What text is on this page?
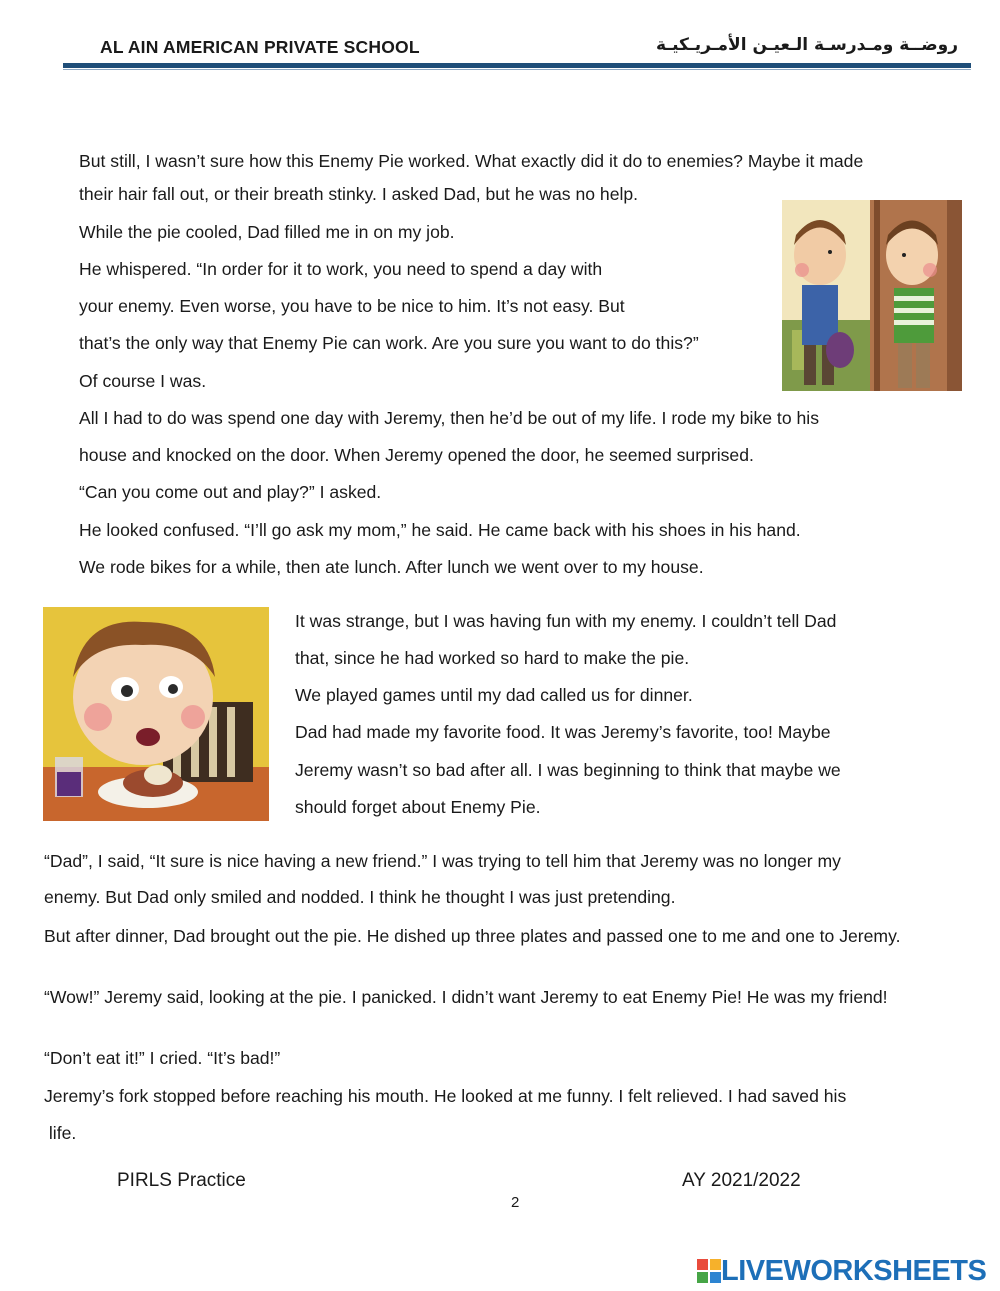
AL AIN AMERICAN PRIVATE SCHOOL	روضــة ومـدرسـة الـعيـن الأمـريـكيـة
But still, I wasn’t sure how this Enemy Pie worked. What exactly did it do to enemies? Maybe it made
their hair fall out, or their breath stinky. I asked Dad, but he was no help.
While the pie cooled, Dad filled me in on my job.
He whispered. “In order for it to work, you need to spend a day with
your enemy. Even worse, you have to be nice to him. It’s not easy. But
that’s the only way that Enemy Pie can work. Are you sure you want to do this?”
Of course I was.
All I had to do was spend one day with Jeremy, then he’d be out of my life. I rode my bike to his
house and knocked on the door. When Jeremy opened the door, he seemed surprised.
“Can you come out and play?” I asked.
He looked confused. “I’ll go ask my mom,” he said. He came back with his shoes in his hand.
We rode bikes for a while, then ate lunch. After lunch we went over to my house.
It was strange, but I was having fun with my enemy. I couldn’t tell Dad
that, since he had worked so hard to make the pie.
We played games until my dad called us for dinner.
Dad had made my favorite food. It was Jeremy’s favorite, too! Maybe
Jeremy wasn’t so bad after all. I was beginning to think that maybe we
should forget about Enemy Pie.
“Dad”, I said, “It sure is nice having a new friend.” I was trying to tell him that Jeremy was no longer my
enemy. But Dad only smiled and nodded. I think he thought I was just pretending.
But after dinner, Dad brought out the pie. He dished up three plates and passed one to me and one to Jeremy.
“Wow!” Jeremy said, looking at the pie. I panicked. I didn’t want Jeremy to eat Enemy Pie! He was my friend!
“Don’t eat it!” I cried. “It’s bad!”
Jeremy’s fork stopped before reaching his mouth. He looked at me funny. I felt relieved. I had saved his
life.
PIRLS Practice	AY 2021/2022
2
LIVEWORKSHEETS
